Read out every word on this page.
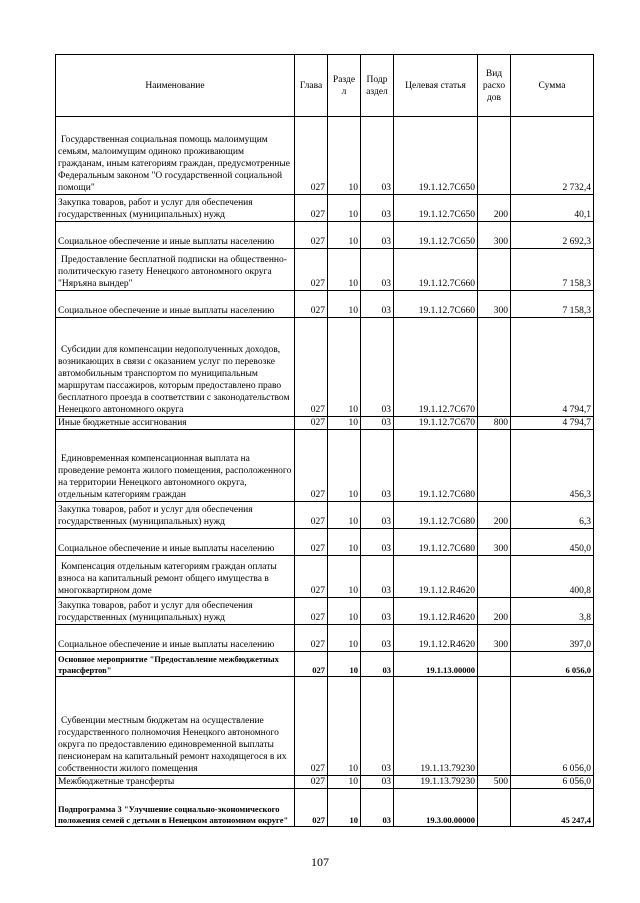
Наименование	Глава	Разде л	Подр аздел	Целевая статья	Вид расхо дов	Сумма
Государственная социальная помощь малоимущим семьям, малоимущим одиноко проживающим гражданам, иным категориям граждан, предусмотренные Федеральным законом "О государственной социальной помощи"	027	10	03	19.1.12.7С650		2 732,4
Закупка товаров, работ и услуг для обеспечения государственных (муниципальных) нужд	027	10	03	19.1.12.7С650	200	40,1
Социальное обеспечение и иные выплаты населению	027	10	03	19.1.12.7С650	300	2 692,3
Предоставление бесплатной подписки на общественно-политическую газету Ненецкого автономного округа "Няръяна вындер"	027	10	03	19.1.12.7С660		7 158,3
Социальное обеспечение и иные выплаты населению	027	10	03	19.1.12.7С660	300	7 158,3
Субсидии для компенсации недополученных доходов, возникающих в связи с оказанием услуг по перевозке автомобильным транспортом по муниципальным маршрутам пассажиров, которым предоставлено право бесплатного проезда в соответствии с законодательством Ненецкого автономного округа	027	10	03	19.1.12.7С670		4 794,7
Иные бюджетные ассигнования	027	10	03	19.1.12.7С670	800	4 794,7
Единовременная компенсационная выплата на проведение ремонта жилого помещения, расположенного на территории Ненецкого автономного округа, отдельным категориям граждан	027	10	03	19.1.12.7С680		456,3
Закупка товаров, работ и услуг для обеспечения государственных (муниципальных) нужд	027	10	03	19.1.12.7С680	200	6,3
Социальное обеспечение и иные выплаты населению	027	10	03	19.1.12.7С680	300	450,0
Компенсация отдельным категориям граждан оплаты взноса на капитальный ремонт общего имущества в многоквартирном доме	027	10	03	19.1.12.R4620		400,8
Закупка товаров, работ и услуг для обеспечения государственных (муниципальных) нужд	027	10	03	19.1.12.R4620	200	3,8
Социальное обеспечение и иные выплаты населению	027	10	03	19.1.12.R4620	300	397,0
Основное мероприятие "Предоставление межбюджетных трансфертов"	027	10	03	19.1.13.00000		6 056,0
Субвенции местным бюджетам на осуществление государственного полномочия Ненецкого автономного округа по предоставлению единовременной выплаты пенсионерам на капитальный ремонт находящегося в их собственности жилого помещения	027	10	03	19.1.13.79230		6 056,0
Межбюджетные трансферты	027	10	03	19.1.13.79230	500	6 056,0
Подпрограмма 3 "Улучшение социально-экономического положения семей с детьми в Ненецком автономном округе"	027	10	03	19.3.00.00000		45 247,4
107
